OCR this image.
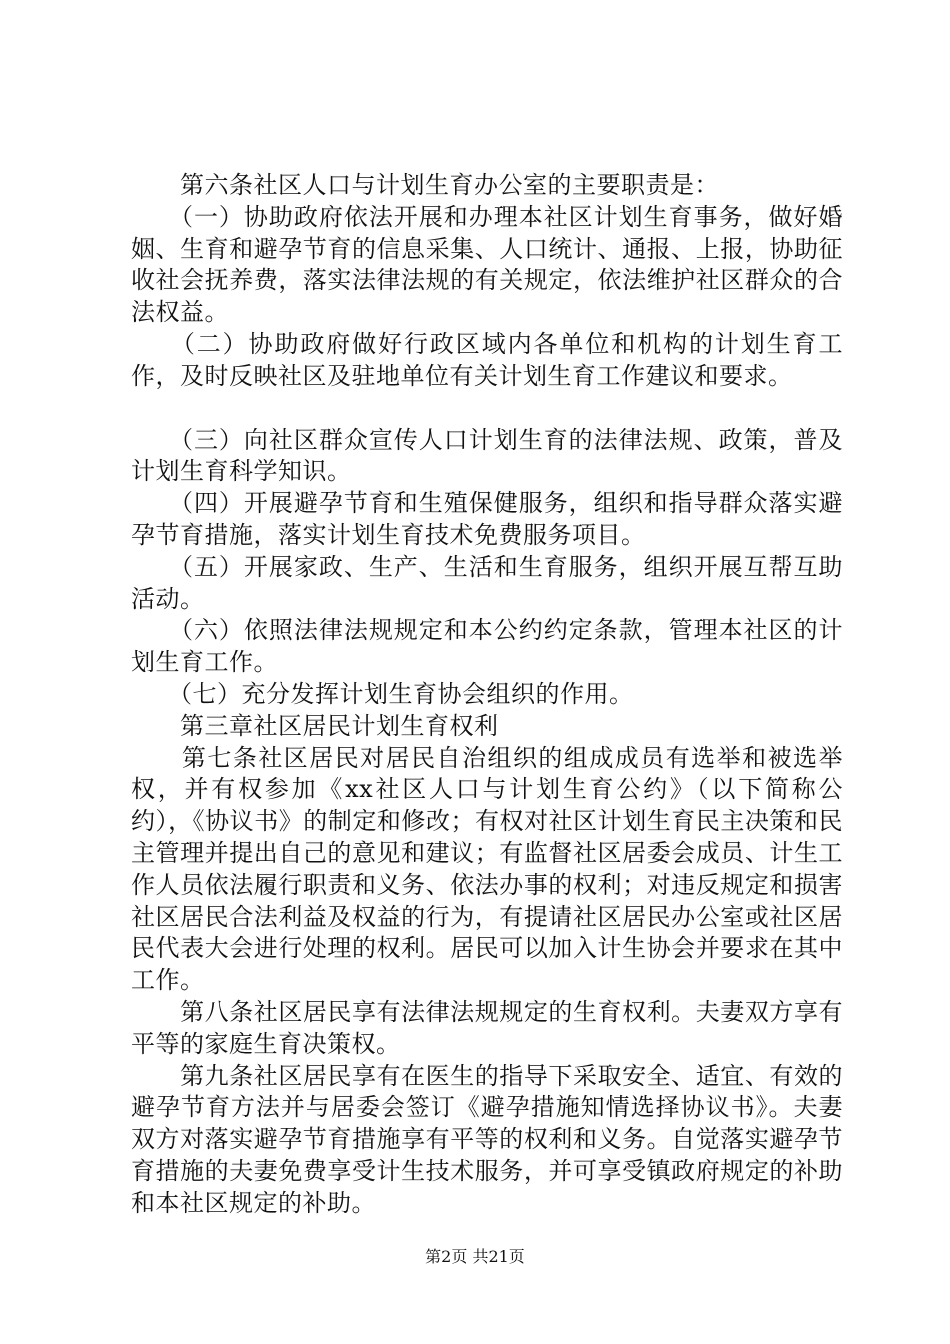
　　第六条社区人口与计划生育办公室的主要职责是：

　　（一）协助政府依法开展和办理本社区计划生育事务，做好婚姻、生育和避孕节育的信息采集、人口统计、通报、上报，协助征收社会抚养费，落实法律法规的有关规定，依法维护社区群众的合法权益。

　　（二）协助政府做好行政区域内各单位和机构的计划生育工作，及时反映社区及驻地单位有关计划生育工作建议和要求。

　　（三）向社区群众宣传人口计划生育的法律法规、政策，普及计划生育科学知识。

　　（四）开展避孕节育和生殖保健服务，组织和指导群众落实避孕节育措施，落实计划生育技术免费服务项目。

　　（五）开展家政、生产、生活和生育服务，组织开展互帮互助活动。

　　（六）依照法律法规规定和本公约约定条款，管理本社区的计划生育工作。

　　（七）充分发挥计划生育协会组织的作用。

　　第三章社区居民计划生育权利

　　第七条社区居民对居民自治组织的组成成员有选举和被选举权，并有权参加《xx社区人口与计划生育公约》（以下简称公约），《协议书》的制定和修改；有权对社区计划生育民主决策和民主管理并提出自己的意见和建议；有监督社区居委会成员、计生工作人员依法履行职责和义务、依法办事的权利；对违反规定和损害社区居民合法利益及权益的行为，有提请社区居民办公室或社区居民代表大会进行处理的权利。居民可以加入计生协会并要求在其中工作。

　　第八条社区居民享有法律法规规定的生育权利。夫妻双方享有平等的家庭生育决策权。

　　第九条社区居民享有在医生的指导下采取安全、适宜、有效的避孕节育方法并与居委会签订《避孕措施知情选择协议书》。夫妻双方对落实避孕节育措施享有平等的权利和义务。自觉落实避孕节育措施的夫妻免费享受计生技术服务，并可享受镇政府规定的补助和本社区规定的补助。

第2页 共21页
